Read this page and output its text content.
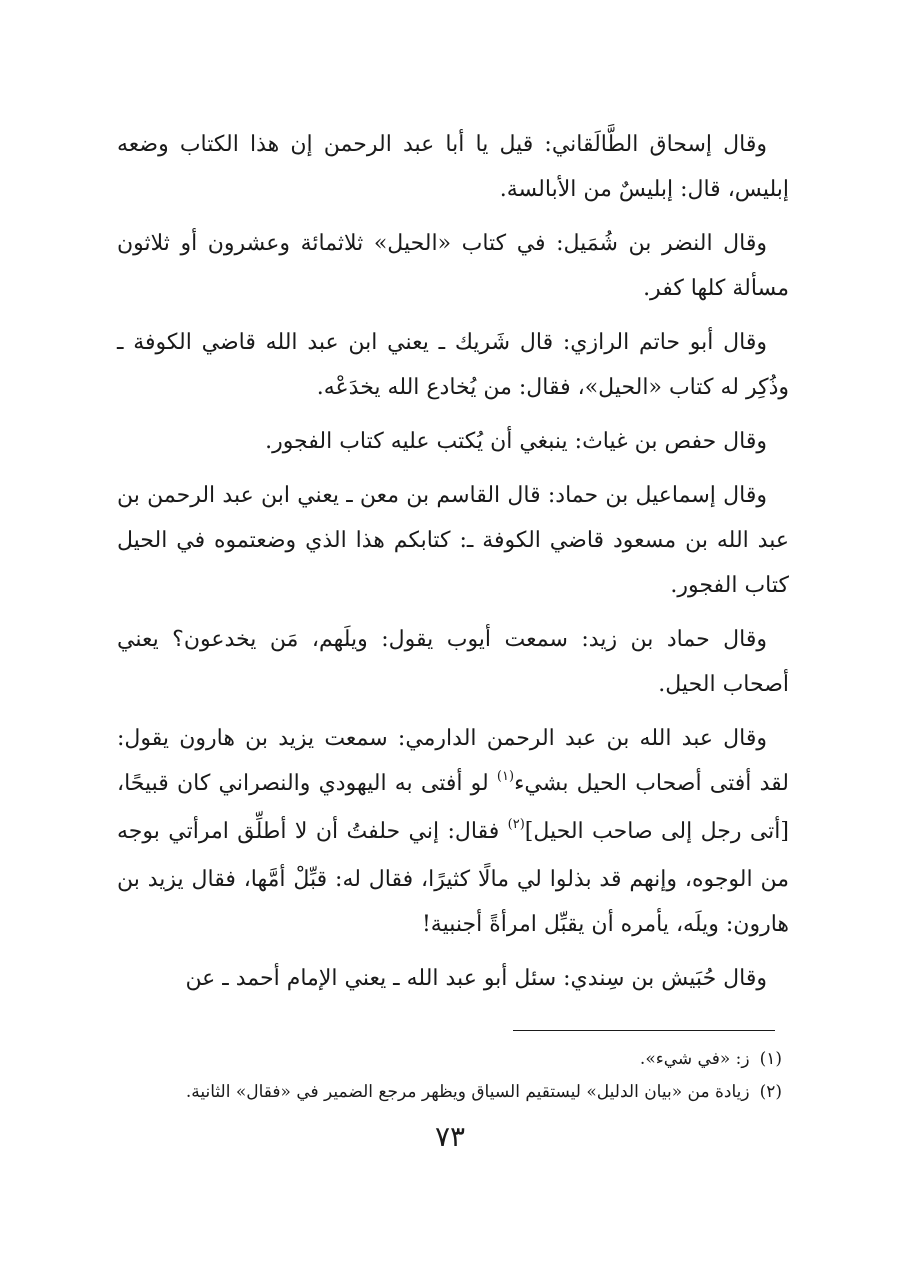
وقال إسحاق الطَّالَقاني: قيل يا أبا عبد الرحمن إن هذا الكتاب وضعه إبليس، قال: إبليسٌ من الأبالسة.

وقال النضر بن شُمَيل: في كتاب «الحيل» ثلاثمائة وعشرون أو ثلاثون مسألة كلها كفر.

وقال أبو حاتم الرازي: قال شَريك ـ يعني ابن عبد الله قاضي الكوفة ـ وذُكِر له كتاب «الحيل»، فقال: من يُخادع الله يخدَعْه.

وقال حفص بن غياث: ينبغي أن يُكتب عليه كتاب الفجور.

وقال إسماعيل بن حماد: قال القاسم بن معن ـ يعني ابن عبد الرحمن بن عبد الله بن مسعود قاضي الكوفة ـ: كتابكم هذا الذي وضعتموه في الحيل كتاب الفجور.

وقال حماد بن زيد: سمعت أيوب يقول: ويلَهم، مَن يخدعون؟ يعني أصحاب الحيل.

وقال عبد الله بن عبد الرحمن الدارمي: سمعت يزيد بن هارون يقول: لقد أفتى أصحاب الحيل بشيء$^{(١)}$ لو أفتى به اليهودي والنصراني كان قبيحًا، [أتى رجل إلى صاحب الحيل]$^{(٢)}$ فقال: إني حلفتُ أن لا أطلِّق امرأتي بوجه من الوجوه، وإنهم قد بذلوا لي مالًا كثيرًا، فقال له: قبِّلْ أمَّها، فقال يزيد بن هارون: ويلَه، يأمره أن يقبِّل امرأةً أجنبية!

وقال حُبَيش بن سِندي: سئل أبو عبد الله ـ يعني الإمام أحمد ـ عن

(١)ز: «في شيء».

(٢)زيادة من «بيان الدليل» ليستقيم السياق ويظهر مرجع الضمير في «فقال» الثانية.

٧٣
